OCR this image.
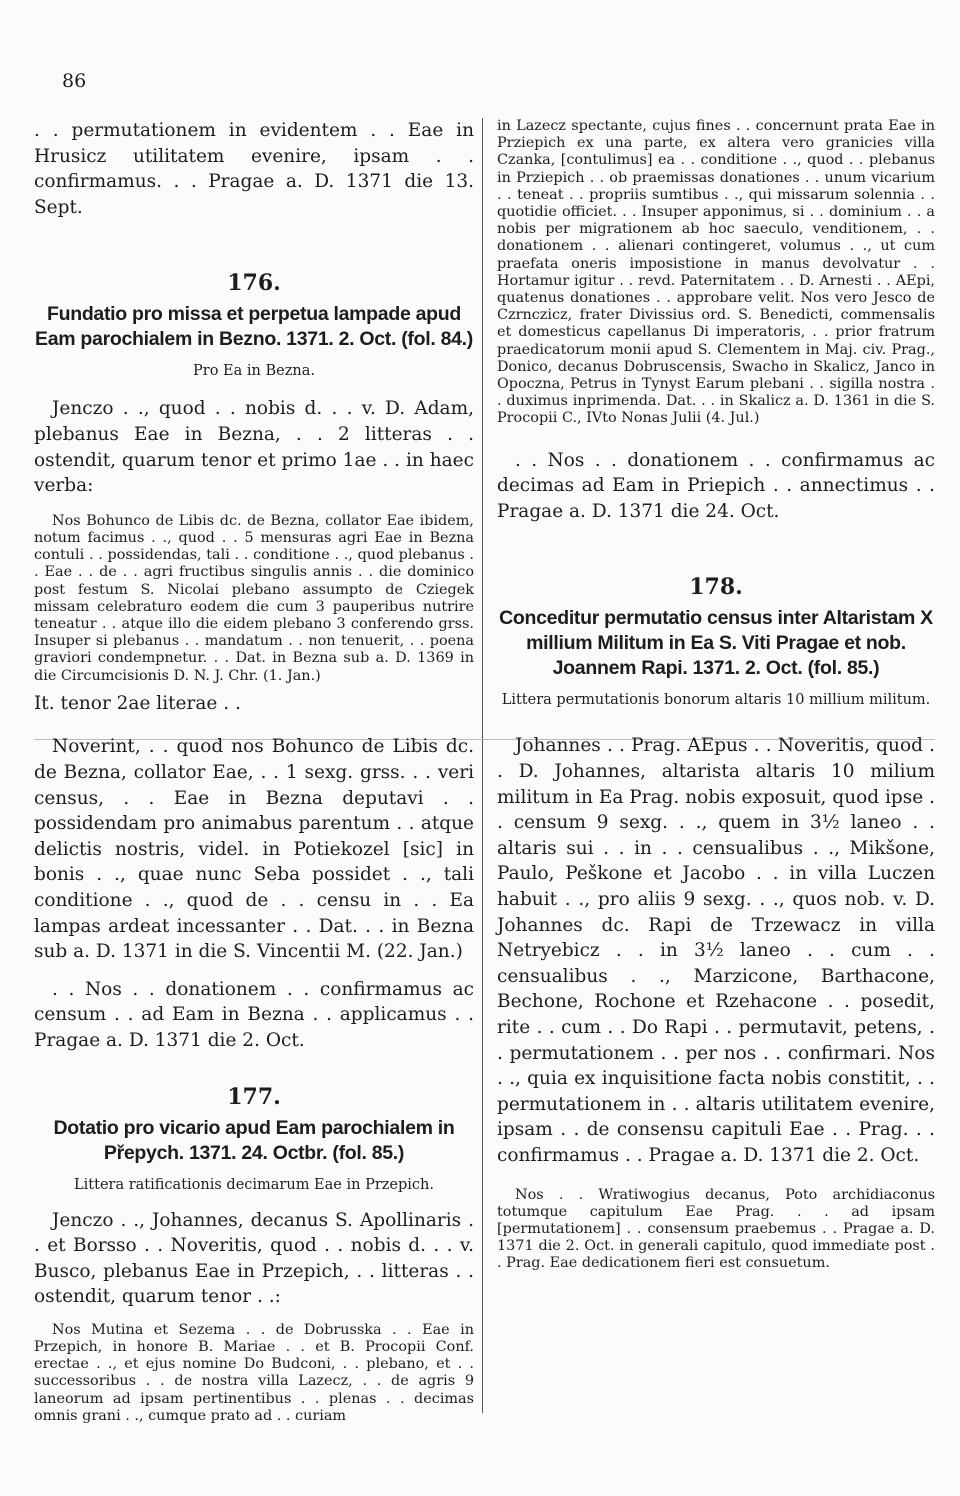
86

. . permutationem in evidentem . . Eae in Hrusicz utilitatem evenire, ipsam . . confirmamus. . . Pragae a. D. 1371 die 13. Sept.

176.
Fundatio pro missa et perpetua lampade apud Eam parochialem in Bezno. 1371. 2. Oct. (fol. 84.)
Pro Ea in Bezna.

Jenczo . ., quod . . nobis d. . . v. D. Adam, plebanus Eae in Bezna, . . 2 litteras . . ostendit, quarum tenor et primo 1ae . . in haec verba:

Nos Bohunco de Libis dc. de Bezna, collator Eae ibidem, notum facimus . ., quod . . 5 mensuras agri Eae in Bezna contuli . . possidendas, tali . . conditione . ., quod plebanus . . Eae . . de . . agri fructibus singulis annis . . die dominico post festum S. Nicolai plebano assumpto de Cziegek missam celebraturo eodem die cum 3 pauperibus nutrire teneatur . . atque illo die eidem plebano 3 conferendo grss. Insuper si plebanus . . mandatum . . non tenuerit, . . poena graviori condempnetur. . . Dat. in Bezna sub a. D. 1369 in die Circumcisionis D. N. J. Chr. (1. Jan.)

It. tenor 2ae literae . .

Noverint, . . quod nos Bohunco de Libis dc. de Bezna, collator Eae, . . 1 sexg. grss. . . veri census, . . Eae in Bezna deputavi . . possidendam pro animabus parentum . . atque delictis nostris, videl. in Potiekozel [sic] in bonis . ., quae nunc Seba possidet . ., tali conditione . ., quod de . . censu in . . Ea lampas ardeat incessanter . . Dat. . . in Bezna sub a. D. 1371 in die S. Vincentii M. (22. Jan.)

. . Nos . . donationem . . confirmamus ac censum . . ad Eam in Bezna . . applicamus . . Pragae a. D. 1371 die 2. Oct.

177.
Dotatio pro vicario apud Eam parochialem in Přepych. 1371. 24. Octbr. (fol. 85.)
Littera ratificationis decimarum Eae in Przepich.

Jenczo . ., Johannes, decanus S. Apollinaris . . et Borsso . . Noveritis, quod . . nobis d. . . v. Busco, plebanus Eae in Przepich, . . litteras . . ostendit, quarum tenor . .:

Nos Mutina et Sezema . . de Dobrusska . . Eae in Przepich, in honore B. Mariae . . et B. Procopii Conf. erectae . ., et ejus nomine Do Budconi, . . plebano, et . . successoribus . . de nostra villa Lazecz, . . de agris 9 laneorum ad ipsam pertinentibus . . plenas . . decimas omnis grani . ., cumque prato ad . . curiam

in Lazecz spectante, cujus fines . . concernunt prata Eae in Prziepich ex una parte, ex altera vero granicies villa Czanka, [contulimus] ea . . conditione . ., quod . . plebanus in Prziepich . . ob praemissas donationes . . unum vicarium . . teneat . . propriis sumtibus . ., qui missarum solennia . . quotidie officiet. . . Insuper apponimus, si . . dominium . . a nobis per migrationem ab hoc saeculo, venditionem, . . donationem . . alienari contingeret, volumus . ., ut cum praefata oneris imposistione in manus devolvatur . . Hortamur igitur . . revd. Paternitatem . . D. Arnesti . . AEpi, quatenus donationes . . approbare velit. Nos vero Jesco de Czrnczicz, frater Divissius ord. S. Benedicti, commensalis et domesticus capellanus Di imperatoris, . . prior fratrum praedicatorum monii apud S. Clementem in Maj. civ. Prag., Donico, decanus Dobruscensis, Swacho in Skalicz, Janco in Opoczna, Petrus in Tynyst Earum plebani . . sigilla nostra . . duximus inprimenda. Dat. . . in Skalicz a. D. 1361 in die S. Procopii C., IVto Nonas Julii (4. Jul.)

. . Nos . . donationem . . confirmamus ac decimas ad Eam in Priepich . . annectimus . . Pragae a. D. 1371 die 24. Oct.

178.
Conceditur permutatio census inter Altaristam X millium Militum in Ea S. Viti Pragae et nob. Joannem Rapi. 1371. 2. Oct. (fol. 85.)
Littera permutationis bonorum altaris 10 millium militum.

Johannes . . Prag. AEpus . . Noveritis, quod . . D. Johannes, altarista altaris 10 milium militum in Ea Prag. nobis exposuit, quod ipse . . censum 9 sexg. . ., quem in 3½ laneo . . altaris sui . . in . . censualibus . ., Mikšone, Paulo, Peškone et Jacobo . . in villa Luczen habuit . ., pro aliis 9 sexg. . ., quos nob. v. D. Johannes dc. Rapi de Trzewacz in villa Netryebicz . . in 3½ laneo . . cum . . censualibus . ., Marzicone, Barthacone, Bechone, Rochone et Rzehacone . . posedit, rite . . cum . . Do Rapi . . permutavit, petens, . . permutationem . . per nos . . confirmari. Nos . ., quia ex inquisitione facta nobis constitit, . . permutationem in . . altaris utilitatem evenire, ipsam . . de consensu capituli Eae . . Prag. . . confirmamus . . Pragae a. D. 1371 die 2. Oct.

Nos . . Wratiwogius decanus, Poto archidiaconus totumque capitulum Eae Prag. . . ad ipsam [permutationem] . . consensum praebemus . . Pragae a. D. 1371 die 2. Oct. in generali capitulo, quod immediate post . . Prag. Eae dedicationem fieri est consuetum.
